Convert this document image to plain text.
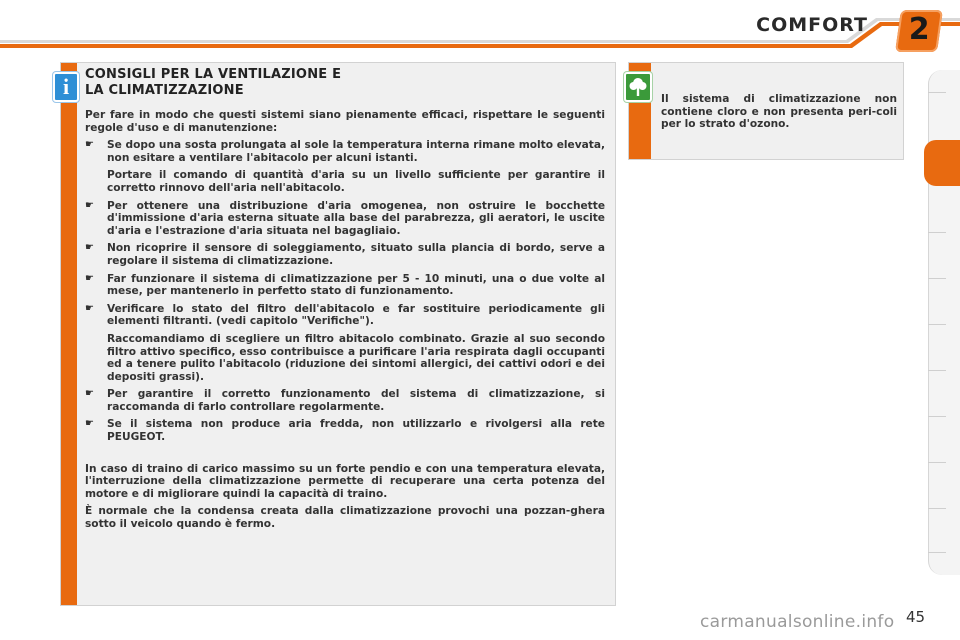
COMFORT	2
CONSIGLI PER LA VENTILAZIONE E
LA CLIMATIZZAZIONE

Per fare in modo che questi sistemi siano pienamente efficaci, rispettare le seguenti regole d'uso e di manutenzione:

☛ Se dopo una sosta prolungata al sole la temperatura interna rimane molto elevata, non esitare a ventilare l'abitacolo per alcuni istanti.

Portare il comando di quantità d'aria su un livello sufficiente per garantire il corretto rinnovo dell'aria nell'abitacolo.

☛ Per ottenere una distribuzione d'aria omogenea, non ostruire le bocchette d'immissione d'aria esterna situate alla base del parabrezza, gli aeratori, le uscite d'aria e l'estrazione d'aria situata nel bagagliaio.
☛ Non ricoprire il sensore di soleggiamento, situato sulla plancia di bordo, serve a regolare il sistema di climatizzazione.
☛ Far funzionare il sistema di climatizzazione per 5 - 10 minuti, una o due volte al mese, per mantenerlo in perfetto stato di funzionamento.
☛ Verificare lo stato del filtro dell'abitacolo e far sostituire periodicamente gli elementi filtranti. (vedi capitolo "Verifiche").

Raccomandiamo di scegliere un filtro abitacolo combinato. Grazie al suo secondo filtro attivo specifico, esso contribuisce a purificare l'aria respirata dagli occupanti ed a tenere pulito l'abitacolo (riduzione dei sintomi allergici, dei cattivi odori e dei depositi grassi).

☛ Per garantire il corretto funzionamento del sistema di climatizzazione, si raccomanda di farlo controllare regolarmente.
☛ Se il sistema non produce aria fredda, non utilizzarlo e rivolgersi alla rete PEUGEOT.

In caso di traino di carico massimo su un forte pendio e con una temperatura elevata, l'interruzione della climatizzazione permette di recuperare una certa potenza del motore e di migliorare quindi la capacità di traino.

È normale che la condensa creata dalla climatizzazione provochi una pozzan-ghera sotto il veicolo quando è fermo.

i	Il sistema di climatizzazione non contiene cloro e non presenta peri-coli per lo strato d'ozono.

carmanualsonline.info 45
